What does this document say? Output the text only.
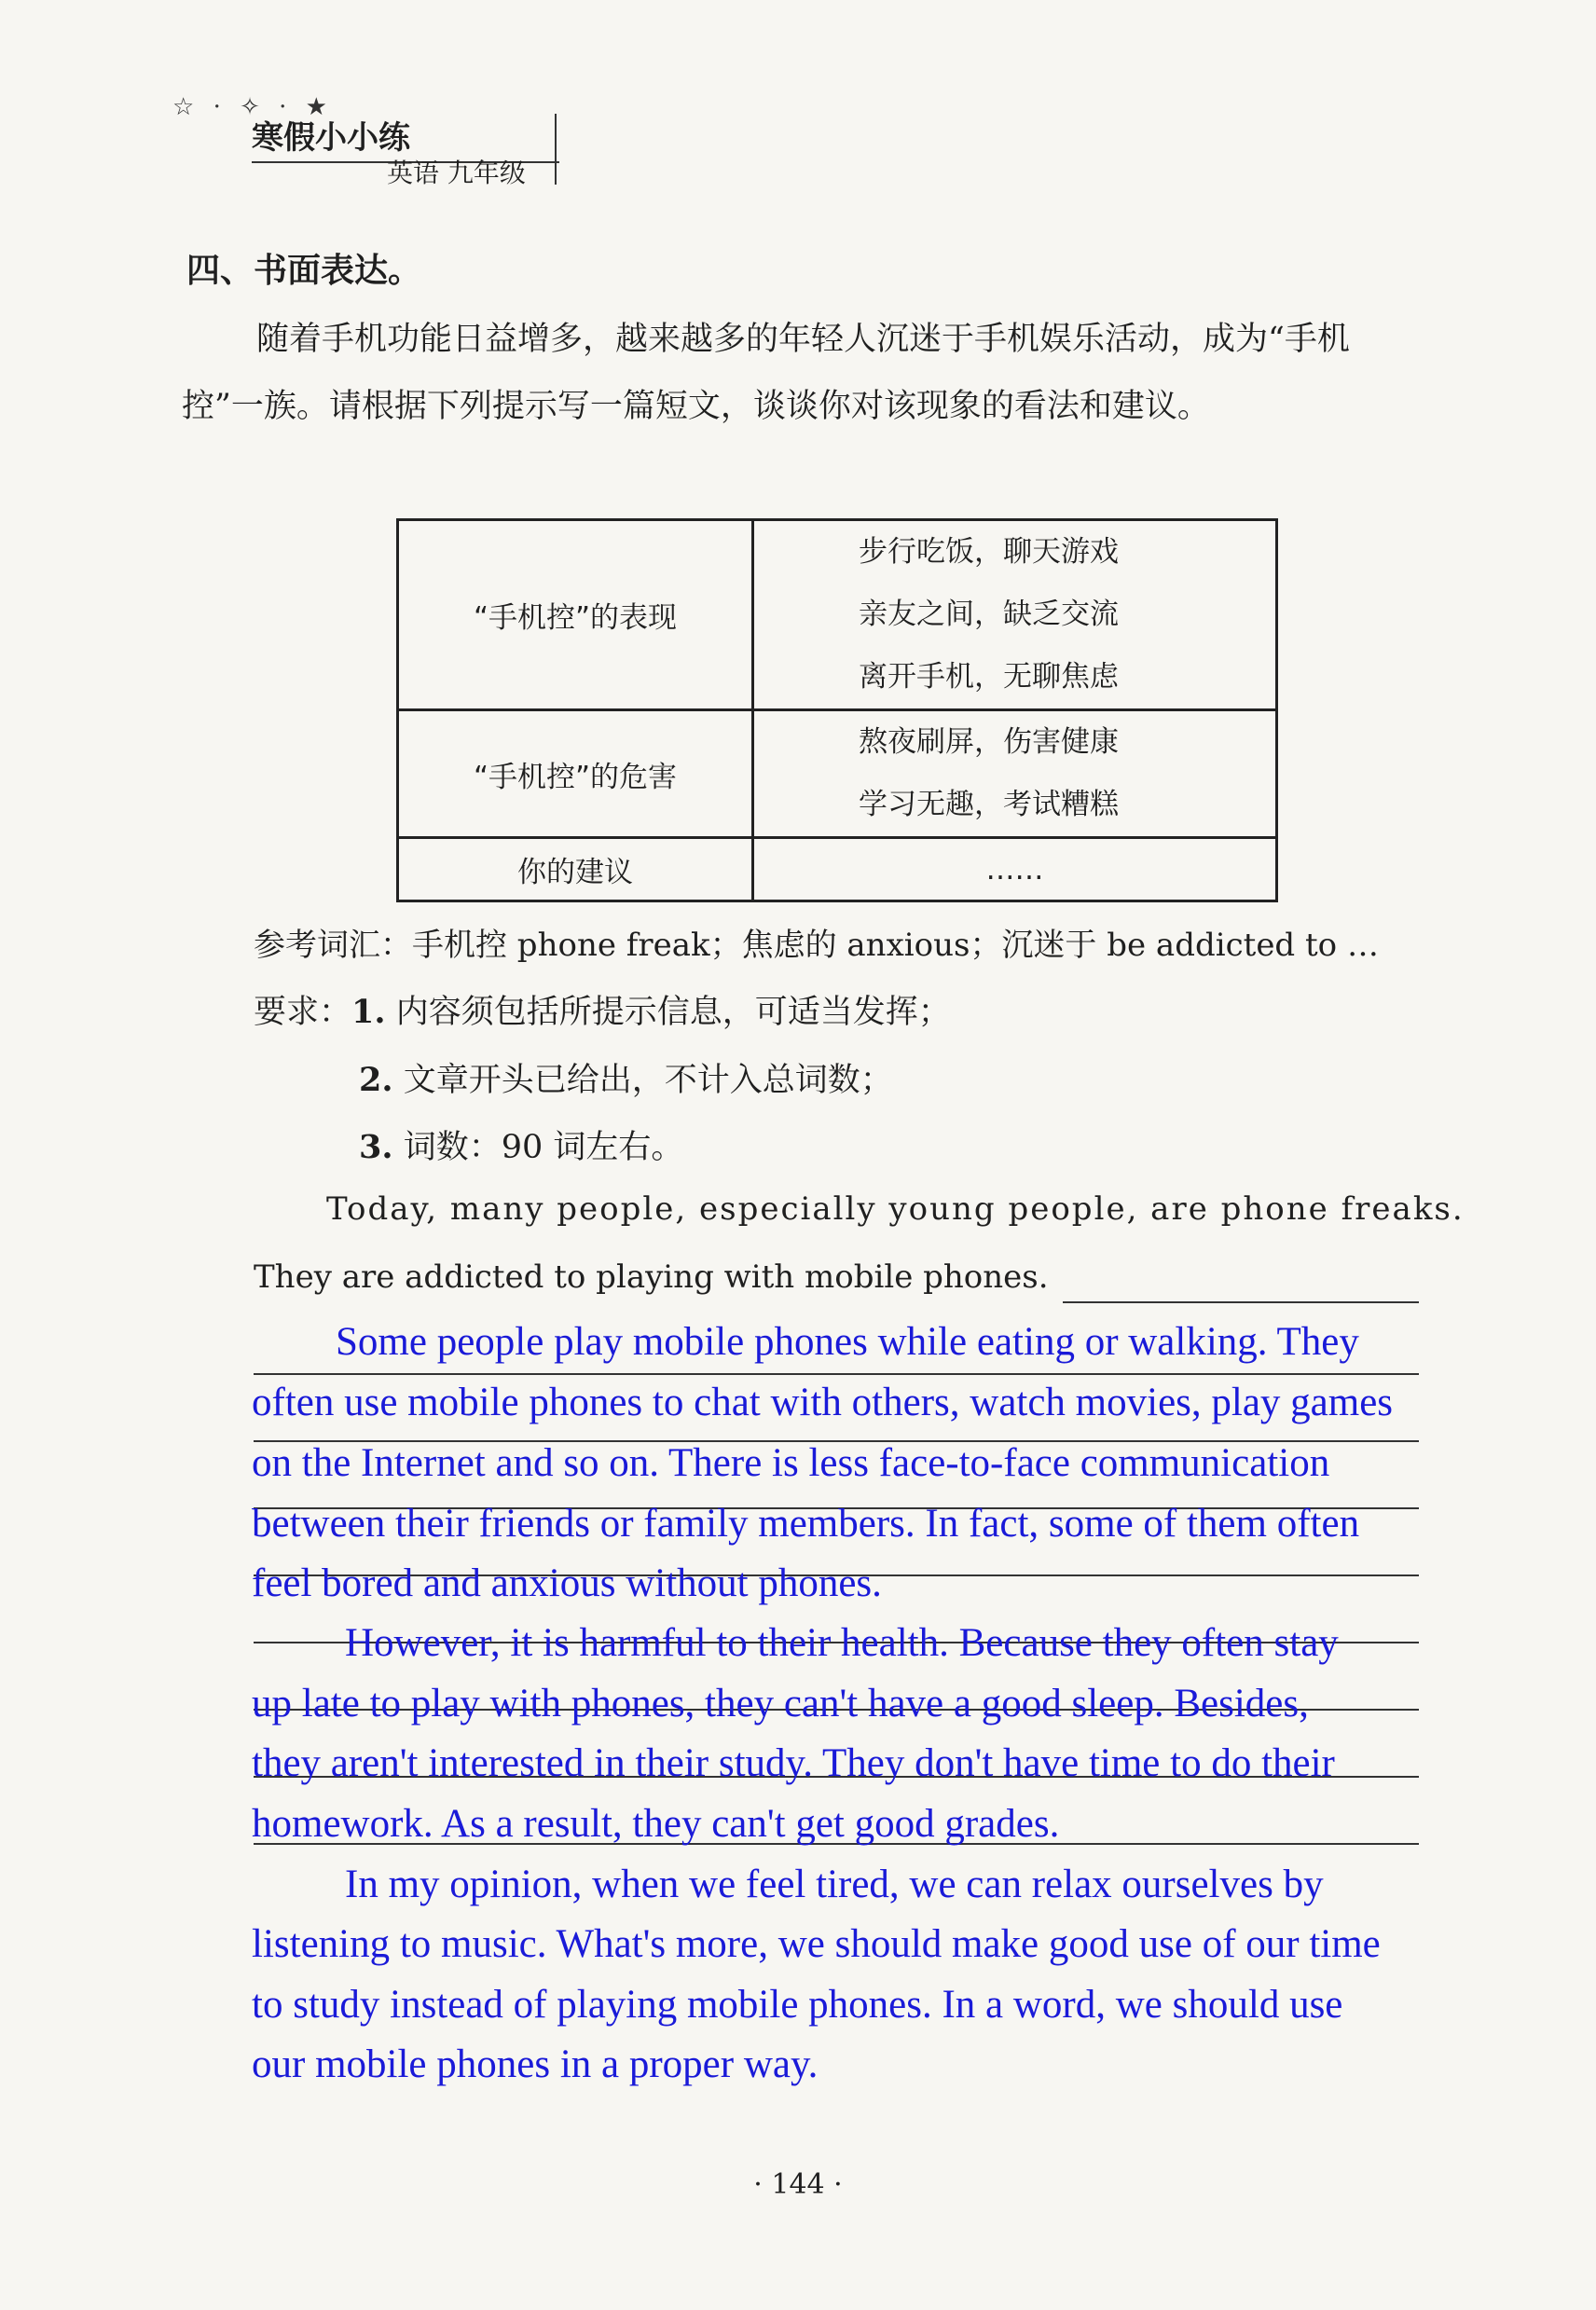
☆ · ✧ · ★
寒假小小练
英语 九年级
四、书面表达。
随着手机功能日益增多，越来越多的年轻人沉迷于手机娱乐活动，成为“手机控”一族。请根据下列提示写一篇短文，谈谈你对该现象的看法和建议。
“手机控”的表现	步行吃饭，聊天游戏
亲友之间，缺乏交流
离开手机，无聊焦虑

“手机控”的危害	熬夜刷屏，伤害健康
学习无趣，考试糟糕

你的建议	……
参考词汇：手机控 phone freak；焦虑的 anxious；沉迷于 be addicted to …
要求：1. 内容须包括所提示信息，可适当发挥；
2. 文章开头已给出，不计入总词数；
3. 词数：90 词左右。
Today, many people, especially young people, are phone freaks.
They are addicted to playing with mobile phones.
Some people play mobile phones while eating or walking. They
often use mobile phones to chat with others, watch movies, play games
on the Internet and so on. There is less face-to-face communication
between their friends or family members. In fact, some of them often
feel bored and anxious without phones.
However, it is harmful to their health. Because they often stay
up late to play with phones, they can't have a good sleep. Besides,
they aren't interested in their study. They don't have time to do their
homework. As a result, they can't get good grades.
In my opinion, when we feel tired, we can relax ourselves by
listening to music. What's more, we should make good use of our time
to study instead of playing mobile phones. In a word, we should use
our mobile phones in a proper way.
· 144 ·
